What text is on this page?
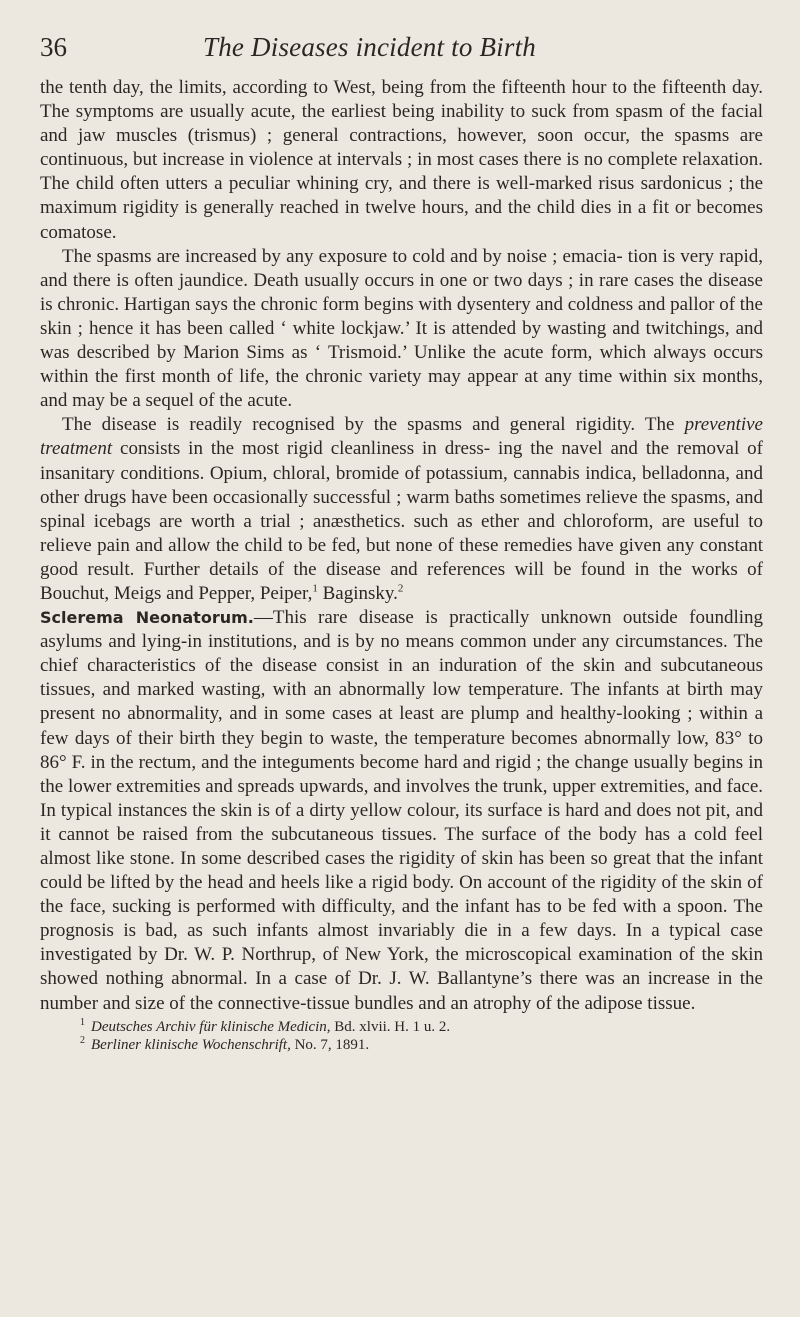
36	The Diseases incident to Birth

the tenth day, the limits, according to West, being from the fifteenth hour to the fifteenth day. The symptoms are usually acute, the earliest being inability to suck from spasm of the facial and jaw muscles (trismus) ; general contractions, however, soon occur, the spasms are continuous, but increase in violence at intervals ; in most cases there is no complete relaxation. The child often utters a peculiar whining cry, and there is well-marked risus sardonicus ; the maximum rigidity is generally reached in twelve hours, and the child dies in a fit or becomes comatose.

The spasms are increased by any exposure to cold and by noise ; emacia- tion is very rapid, and there is often jaundice. Death usually occurs in one or two days ; in rare cases the disease is chronic. Hartigan says the chronic form begins with dysentery and coldness and pallor of the skin ; hence it has been called ‘ white lockjaw.’ It is attended by wasting and twitchings, and was described by Marion Sims as ‘ Trismoid.’ Unlike the acute form, which always occurs within the first month of life, the chronic variety may appear at any time within six months, and may be a sequel of the acute.

The disease is readily recognised by the spasms and general rigidity. The preventive treatment consists in the most rigid cleanliness in dress- ing the navel and the removal of insanitary conditions. Opium, chloral, bromide of potassium, cannabis indica, belladonna, and other drugs have been occasionally successful ; warm baths sometimes relieve the spasms, and spinal icebags are worth a trial ; anæsthetics. such as ether and chloroform, are useful to relieve pain and allow the child to be fed, but none of these remedies have given any constant good result. Further details of the disease and references will be found in the works of Bouchut, Meigs and Pepper, Peiper,$^1$ Baginsky.$^2$

Sclerema Neonatorum.—This rare disease is practically unknown outside foundling asylums and lying-in institutions, and is by no means common under any circumstances. The chief characteristics of the disease consist in an induration of the skin and subcutaneous tissues, and marked wasting, with an abnormally low temperature. The infants at birth may present no abnormality, and in some cases at least are plump and healthy-looking ; within a few days of their birth they begin to waste, the temperature becomes abnormally low, 83° to 86° F. in the rectum, and the integuments become hard and rigid ; the change usually begins in the lower extremities and spreads upwards, and involves the trunk, upper extremities, and face. In typical instances the skin is of a dirty yellow colour, its surface is hard and does not pit, and it cannot be raised from the subcutaneous tissues. The surface of the body has a cold feel almost like stone. In some described cases the rigidity of skin has been so great that the infant could be lifted by the head and heels like a rigid body. On account of the rigidity of the skin of the face, sucking is performed with difficulty, and the infant has to be fed with a spoon. The prognosis is bad, as such infants almost invariably die in a few days. In a typical case investigated by Dr. W. P. Northrup, of New York, the microscopical examination of the skin showed nothing abnormal. In a case of Dr. J. W. Ballantyne’s there was an increase in the number and size of the connective-tissue bundles and an atrophy of the adipose tissue.

$^1$ Deutsches Archiv für klinische Medicin, Bd. xlvii. H. 1 u. 2.
$^2$ Berliner klinische Wochenschrift, No. 7, 1891.
